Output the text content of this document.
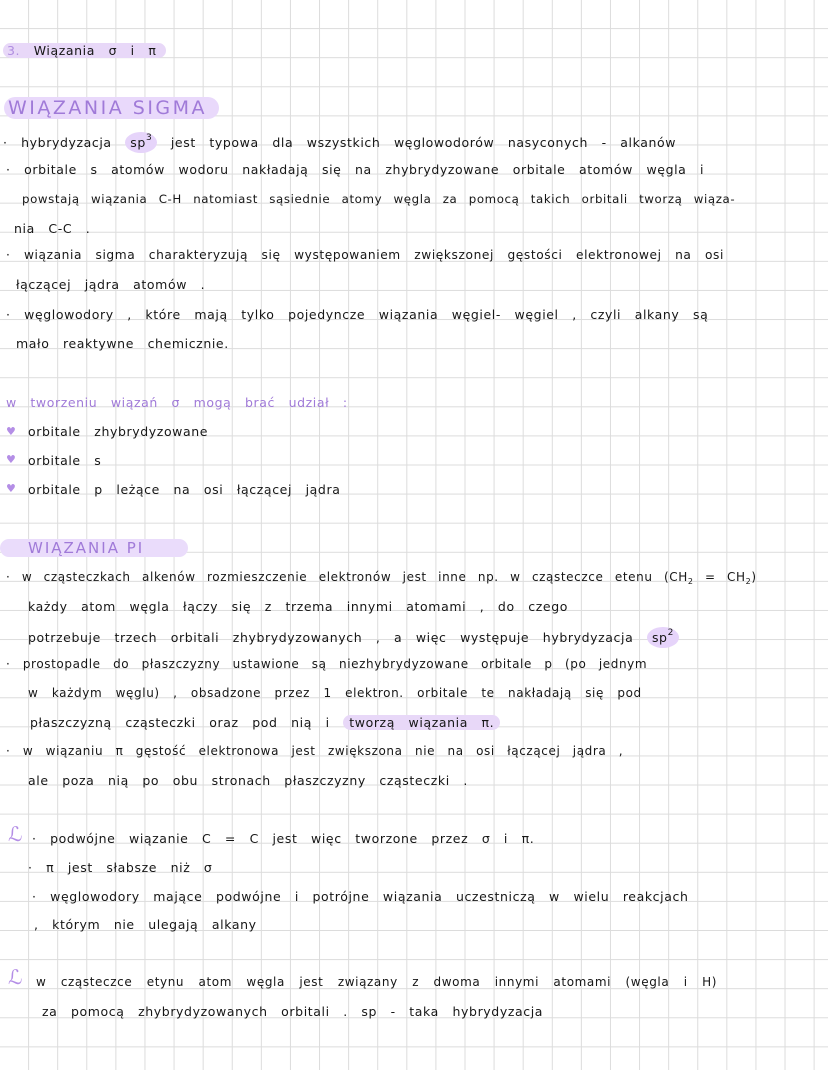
3. Wiązania σ i π
WIĄZANIA SIGMA
· hybrydyzacja $sp^3$ jest typowa dla wszystkich węglowodorów nasyconych - alkanów
· orbitale s atomów wodoru nakładają się na zhybrydyzowane orbitale atomów węgla i
powstają wiązania C-H natomiast sąsiednie atomy węgla za pomocą takich orbitali tworzą wiąza-
nia C-C .
· wiązania sigma charakteryzują się występowaniem zwiększonej gęstości elektronowej na osi
łączącej jądra atomów .
· węglowodory , które mają tylko pojedyncze wiązania węgiel- węgiel , czyli alkany są
mało reaktywne chemicznie.
w tworzeniu wiązań σ mogą brać udział :
♥ orbitale zhybrydyzowane
♥ orbitale s
♥ orbitale p leżące na osi łączącej jądra
WIĄZANIA PI
· w cząsteczkach alkenów rozmieszczenie elektronów jest inne np. w cząsteczce etenu $(CH_2 = CH_2)$
każdy atom węgla łączy się z trzema innymi atomami , do czego
potrzebuje trzech orbitali zhybrydyzowanych , a więc występuje hybrydyzacja $sp^2$
· prostopadle do płaszczyzny ustawione są niezhybrydyzowane orbitale p (po jednym
w każdym węglu) , obsadzone przez 1 elektron. orbitale te nakładają się pod
płaszczyzną cząsteczki oraz pod nią i tworzą wiązania π.
· w wiązaniu π gęstość elektronowa jest zwiększona nie na osi łączącej jądra ,
ale poza nią po obu stronach płaszczyzny cząsteczki .
ℒ · podwójne wiązanie C = C jest więc tworzone przez σ i π.
· π jest słabsze niż σ
· węglowodory mające podwójne i potrójne wiązania uczestniczą w wielu reakcjach
, którym nie ulegają alkany
ℒ w cząsteczce etynu atom węgla jest związany z dwoma innymi atomami (węgla i H)
za pomocą zhybrydyzowanych orbitali . sp - taka hybrydyzacja
